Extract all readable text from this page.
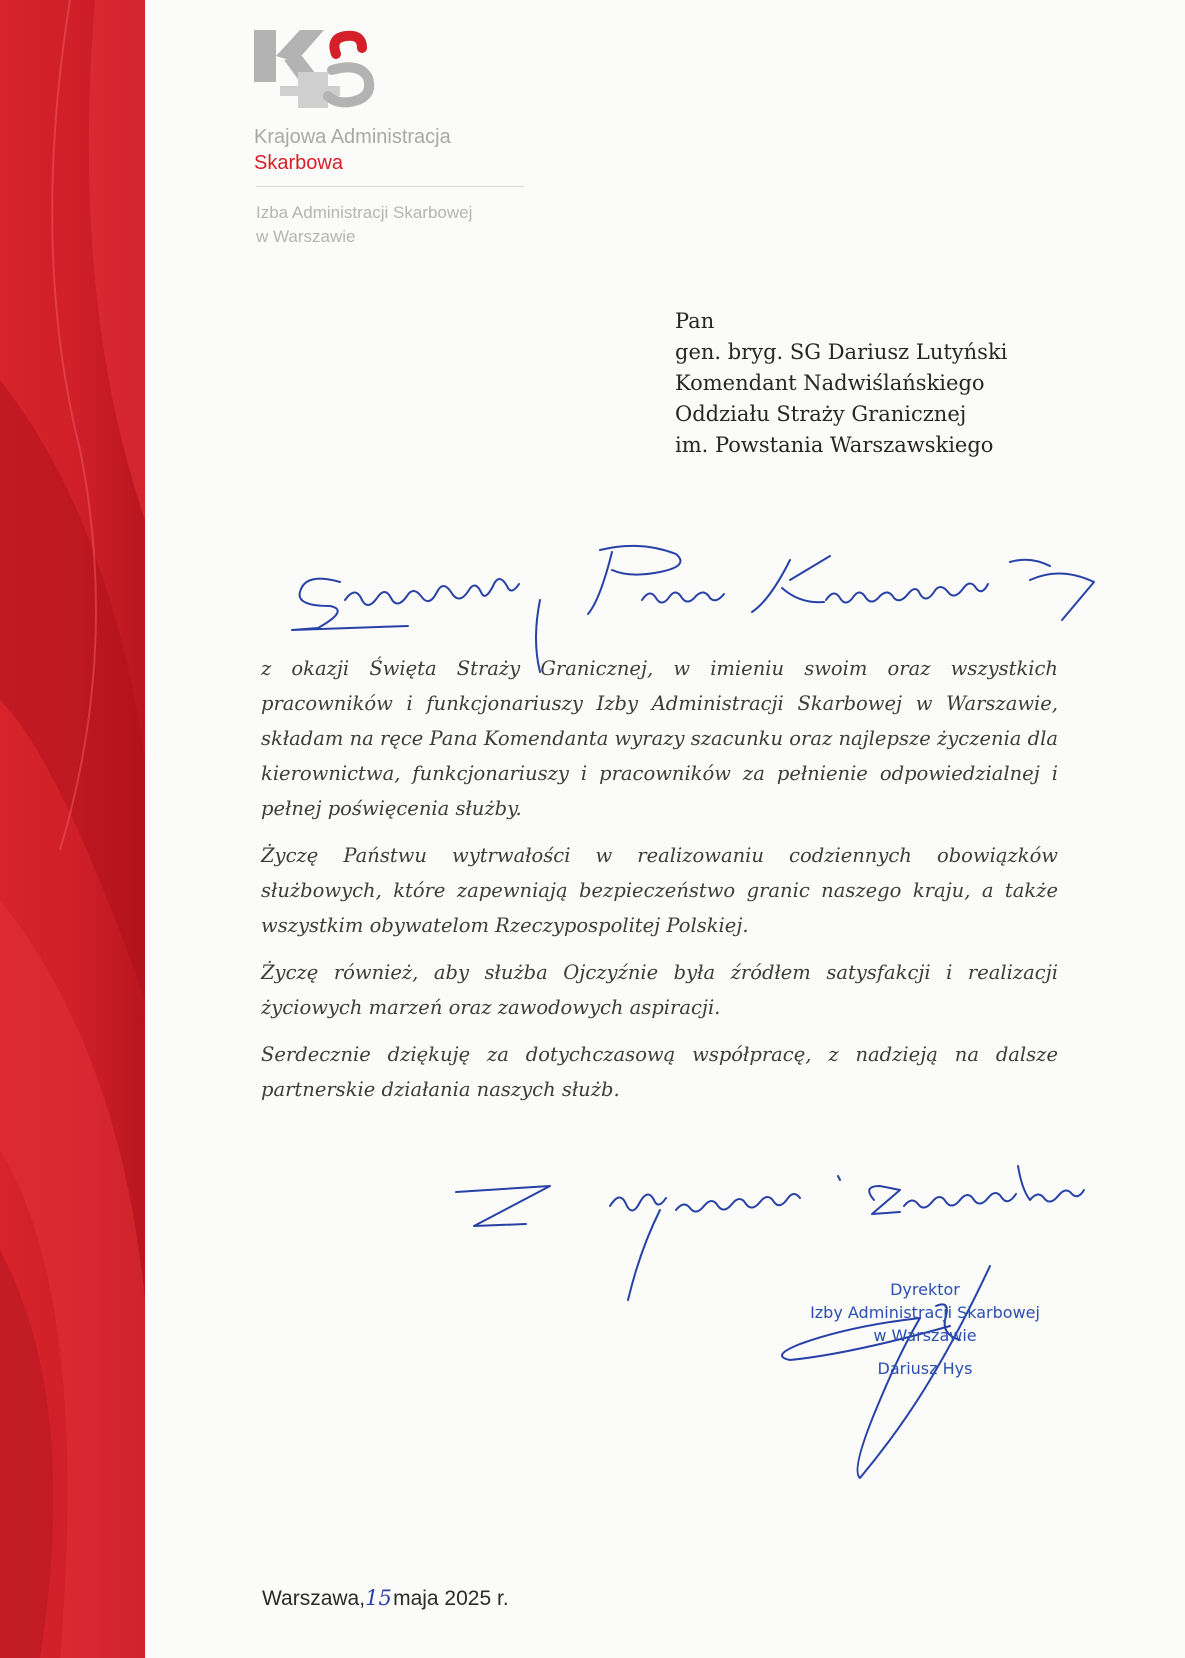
Krajowa Administracja
Skarbowa
Izba Administracji Skarbowej
w Warszawie
Pan
gen. bryg. SG Dariusz Lutyński
Komendant Nadwiślańskiego
Oddziału Straży Granicznej
im. Powstania Warszawskiego

z okazji Święta Straży Granicznej, w imieniu swoim oraz wszystkich pracowników i funkcjonariuszy Izby Administracji Skarbowej w Warszawie, składam na ręce Pana Komendanta wyrazy szacunku oraz najlepsze życzenia dla kierownictwa, funkcjonariuszy i pracowników za pełnienie odpowiedzialnej i pełnej poświęcenia służby.

Życzę Państwu wytrwałości w realizowaniu codziennych obowiązków służbowych, które zapewniają bezpieczeństwo granic naszego kraju, a także wszystkim obywatelom Rzeczypospolitej Polskiej.

Życzę również, aby służba Ojczyźnie była źródłem satysfakcji i realizacji życiowych marzeń oraz zawodowych aspiracji.

Serdecznie dziękuję za dotychczasową współpracę, z nadzieją na dalsze partnerskie działania naszych służb.

Dyrektor
Izby Administracji Skarbowej
w Warszawie
Dariusz Hys
Warszawa,15maja 2025 r.
